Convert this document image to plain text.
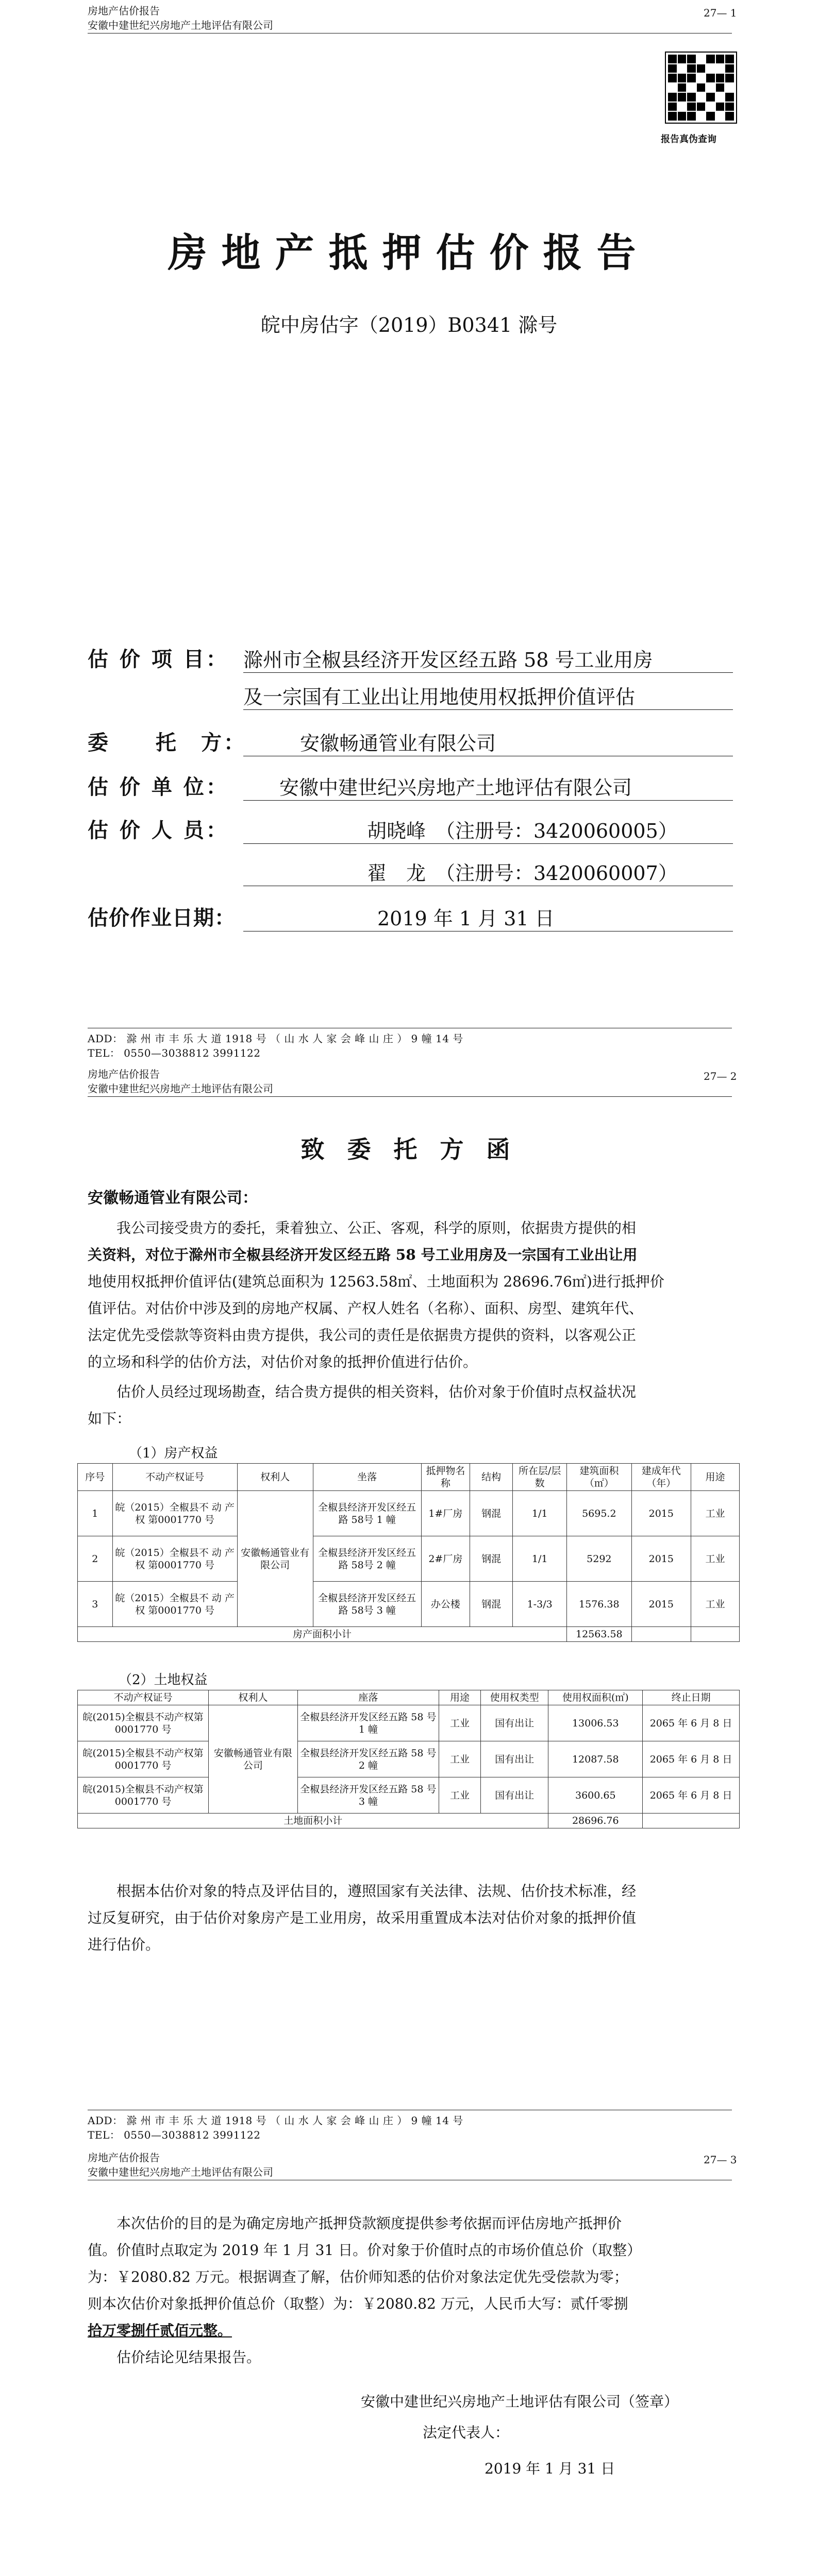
房地产估价报告
安徽中建世纪兴房地产土地评估有限公司
27— 1
报告真伪查询
房地产抵押估价报告
皖中房估字（2019）B0341 滁号
估 价 项 目： 滁州市全椒县经济开发区经五路 58 号工业用房
及一宗国有工业出让用地使用权抵押价值评估
委　　托　方：	安徽畅通管业有限公司
估 价 单 位：	安徽中建世纪兴房地产土地评估有限公司
估 价 人 员：	胡晓峰　（注册号：3420060005）
翟　龙　（注册号：3420060007）
估价作业日期：	2019 年 1 月 31 日
ADD： 滁 州 市 丰 乐 大 道 1918 号 （ 山 水 人 家 会 峰 山 庄 ） 9 幢 14 号
TEL： 0550—3038812 3991122
房地产估价报告
安徽中建世纪兴房地产土地评估有限公司
27— 2
致 委 托 方 函
安徽畅通管业有限公司：
我公司接受贵方的委托，秉着独立、公正、客观，科学的原则，依据贵方提供的相
关资料，对位于滁州市全椒县经济开发区经五路 58 号工业用房及一宗国有工业出让用
地使用权抵押价值评估(建筑总面积为 12563.58㎡、土地面积为 28696.76㎡)进行抵押价
值评估。对估价中涉及到的房地产权属、产权人姓名（名称）、面积、房型、建筑年代、
法定优先受偿款等资料由贵方提供，我公司的责任是依据贵方提供的资料，以客观公正
的立场和科学的估价方法，对估价对象的抵押价值进行估价。
估价人员经过现场勘查，结合贵方提供的相关资料，估价对象于价值时点权益状况
如下：
（1）房产权益
序号	不动产权证号	权利人	坐落	抵押物名称	结构	所在层/层数	建筑面积（㎡）	建成年代（年）	用途
1	皖（2015）全椒县不 动 产 权 第0001770 号	安徽畅通管业有限公司	全椒县经济开发区经五路 58号 1 幢	1#厂房	钢混	1/1	5695.2	2015	工业
2	皖（2015）全椒县不 动 产 权 第0001770 号		全椒县经济开发区经五路 58号 2 幢	2#厂房	钢混	1/1	5292	2015	工业
3	皖（2015）全椒县不 动 产 权 第0001770 号		全椒县经济开发区经五路 58号 3 幢	办公楼	钢混	1-3/3	1576.38	2015	工业
房产面积小计							12563.58		
（2）土地权益
不动产权证号	权利人	座落	用途	使用权类型	使用权面积(㎡)	终止日期
皖(2015)全椒县不动产权第0001770 号	安徽畅通管业有限公司	全椒县经济开发区经五路 58 号 1 幢	工业	国有出让	13006.53	2065 年 6 月 8 日
皖(2015)全椒县不动产权第0001770 号		全椒县经济开发区经五路 58 号 2 幢	工业	国有出让	12087.58	2065 年 6 月 8 日
皖(2015)全椒县不动产权第0001770 号		全椒县经济开发区经五路 58 号 3 幢	工业	国有出让	3600.65	2065 年 6 月 8 日
土地面积小计					28696.76	
根据本估价对象的特点及评估目的，遵照国家有关法律、法规、估价技术标准，经
过反复研究，由于估价对象房产是工业用房，故采用重置成本法对估价对象的抵押价值
进行估价。
ADD： 滁 州 市 丰 乐 大 道 1918 号 （ 山 水 人 家 会 峰 山 庄 ） 9 幢 14 号
TEL： 0550—3038812 3991122
房地产估价报告
安徽中建世纪兴房地产土地评估有限公司
27— 3
本次估价的目的是为确定房地产抵押贷款额度提供参考依据而评估房地产抵押价
值。价值时点取定为 2019 年 1 月 31 日。价对象于价值时点的市场价值总价（取整）
为：￥2080.82 万元。根据调查了解，估价师知悉的估价对象法定优先受偿款为零；
则本次估价对象抵押价值总价（取整）为：￥2080.82 万元，人民币大写：贰仟零捌
拾万零捌仟贰佰元整。
估价结论见结果报告。
安徽中建世纪兴房地产土地评估有限公司（签章）
法定代表人：
2019 年 1 月 31 日
